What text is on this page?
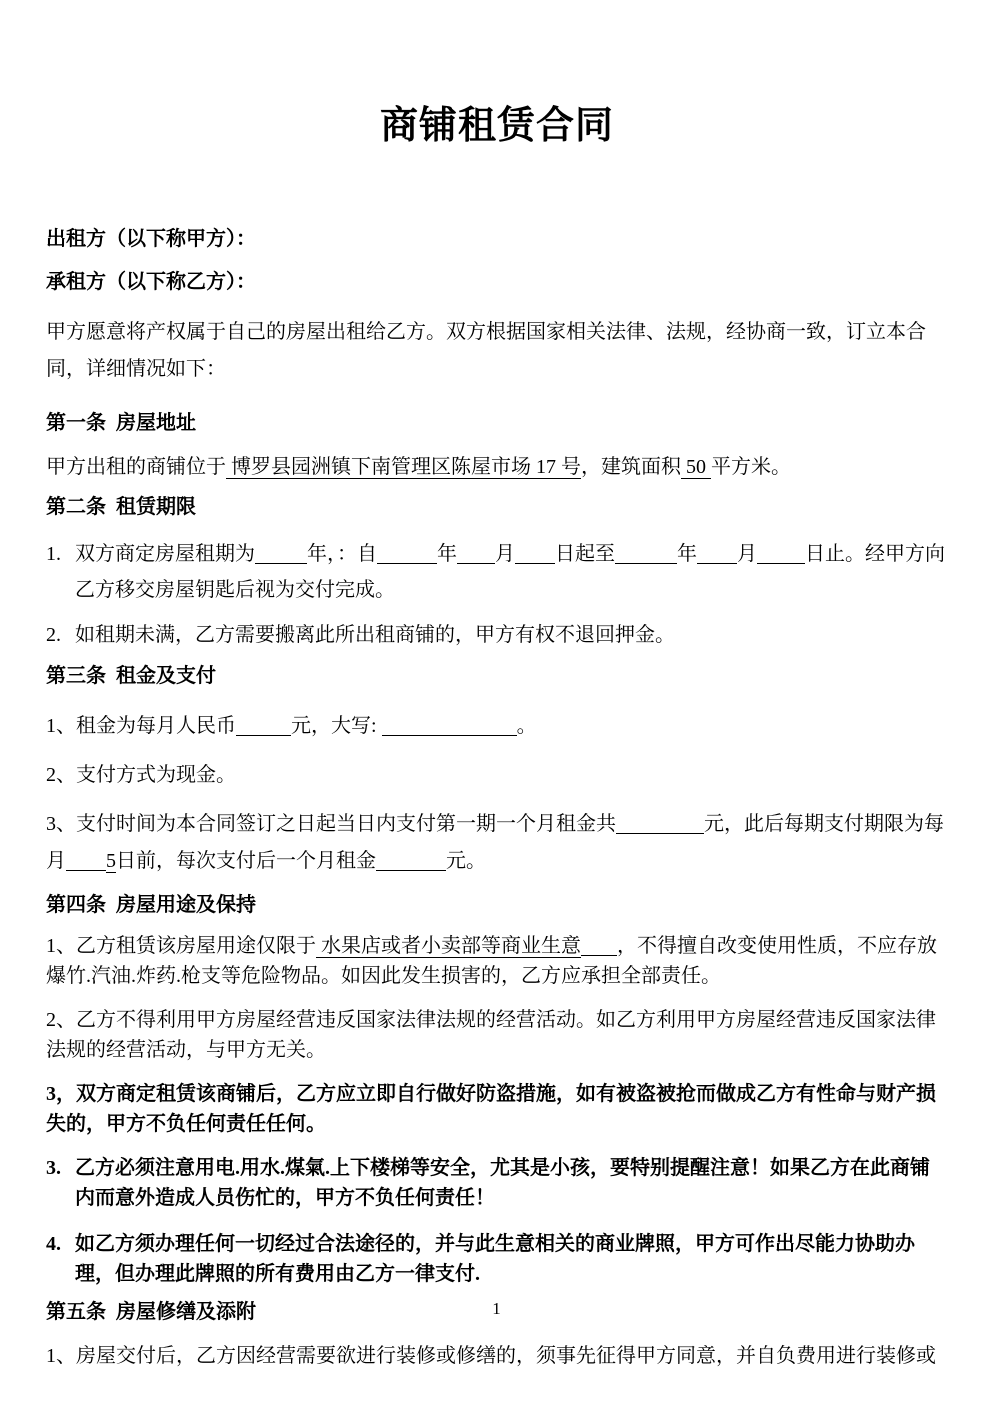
商铺租赁合同

出租方（以下称甲方）：

承租方（以下称乙方）：

甲方愿意将产权属于自己的房屋出租给乙方。双方根据国家相关法律、法规，经协商一致，订立本合同，详细情况如下：

第一条  房屋地址

甲方出租的商铺位于 博罗县园洲镇下南管理区陈屋市场 17 号，建筑面积 50 平方米。

第二条  租赁期限
1. 双方商定房屋租期为	年，：自	年 月 日起至	年 月 日止。经甲方向乙方移交房屋钥匙后视为交付完成。
2. 如租期未满，乙方需要搬离此所出租商铺的，甲方有权不退回押金。
第三条  租金及支付

1、租金为每月人民币	元，大写:	。

2、支付方式为现金。

3、支付时间为本合同签订之日起当日内支付第一期一个月租金共	元，此后每期支付期限为每月 5日前，每次支付后一个月租金	元。

第四条  房屋用途及保持

1、乙方租赁该房屋用途仅限于 水果店或者小卖部等商业生意 ，不得擅自改变使用性质，不应存放爆竹.汽油.炸药.枪支等危险物品。如因此发生损害的，乙方应承担全部责任。

2、乙方不得利用甲方房屋经营违反国家法律法规的经营活动。如乙方利用甲方房屋经营违反国家法律法规的经营活动，与甲方无关。

3，双方商定租赁该商铺后，乙方应立即自行做好防盗措施，如有被盗被抢而做成乙方有性命与财产损失的，甲方不负任何责任任何。

3. 乙方必须注意用电.用水.煤氣.上下楼梯等安全，尤其是小孩，要特别提醒注意！如果乙方在此商铺内而意外造成人员伤忙的，甲方不负任何责任！
4. 如乙方须办理任何一切经过合法途径的，并与此生意相关的商业牌照，甲方可作出尽能力协助办理，但办理此牌照的所有费用由乙方一律支付.
第五条  房屋修缮及添附

1、房屋交付后，乙方因经营需要欲进行装修或修缮的，须事先征得甲方同意，并自负费用进行装修或

1
